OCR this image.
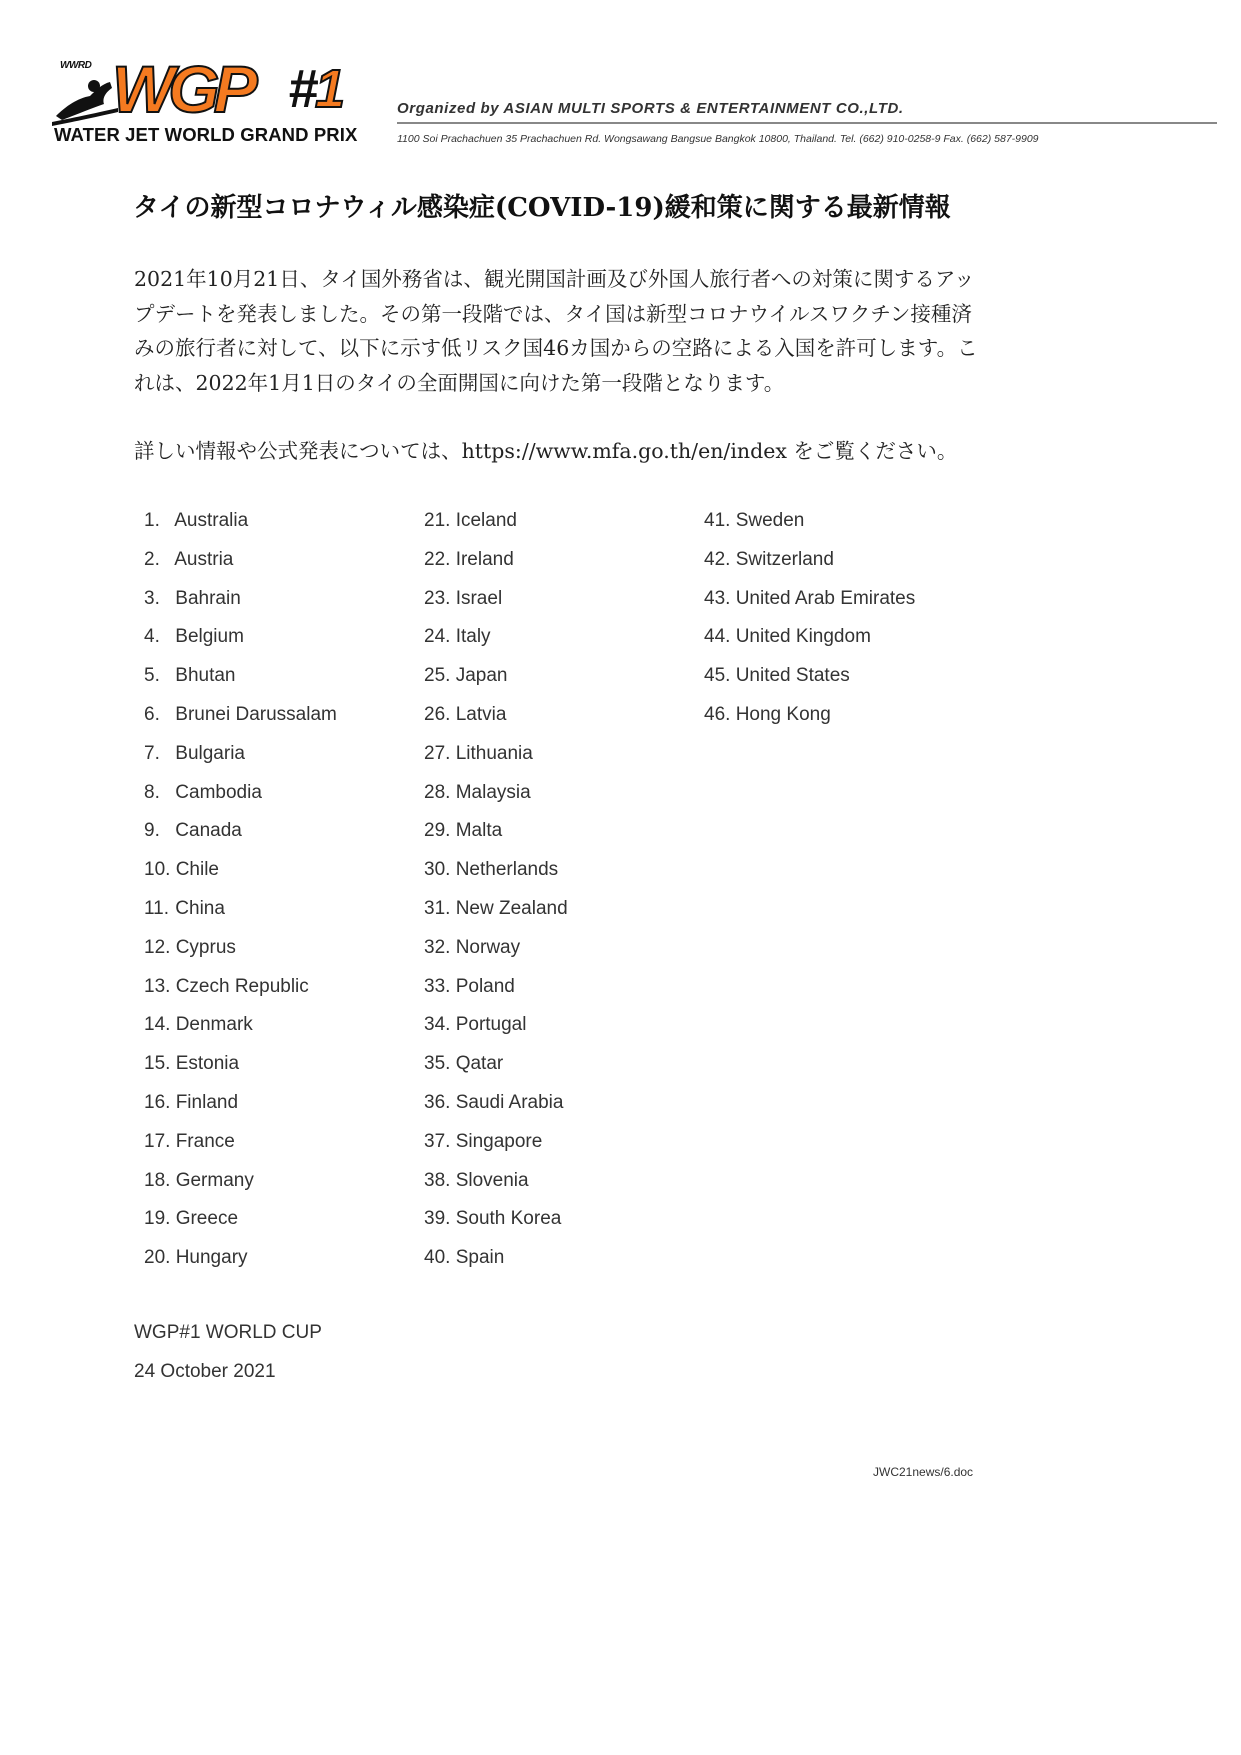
WWRD WGP #1
WATER JET WORLD GRAND PRIX
Organized by ASIAN MULTI SPORTS & ENTERTAINMENT CO.,LTD.
1100 Soi Prachachuen 35 Prachachuen Rd. Wongsawang Bangsue Bangkok 10800, Thailand. Tel. (662) 910-0258-9 Fax. (662) 587-9909
タイの新型コロナウィル感染症(COVID-19)緩和策に関する最新情報

2021年10月21日、タイ国外務省は、観光開国計画及び外国人旅行者への対策に関するアップデートを発表しました。その第一段階では、タイ国は新型コロナウイルスワクチン接種済みの旅行者に対して、以下に示す低リスク国46カ国からの空路による入国を許可します。これは、2022年1月1日のタイの全面開国に向けた第一段階となります。

詳しい情報や公式発表については、https://www.mfa.go.th/en/index をご覧ください。

1. Australia
2. Austria
3. Bahrain
4. Belgium
5. Bhutan
6. Brunei Darussalam
7. Bulgaria
8. Cambodia
9. Canada
10. Chile
11. China
12. Cyprus
13. Czech Republic
14. Denmark
15. Estonia
16. Finland
17. France
18. Germany
19. Greece
20. Hungary
21. Iceland
22. Ireland
23. Israel
24. Italy
25. Japan
26. Latvia
27. Lithuania
28. Malaysia
29. Malta
30. Netherlands
31. New Zealand
32. Norway
33. Poland
34. Portugal
35. Qatar
36. Saudi Arabia
37. Singapore
38. Slovenia
39. South Korea
40. Spain
41. Sweden
42. Switzerland
43. United Arab Emirates
44. United Kingdom
45. United States
46. Hong Kong
WGP#1 WORLD CUP
24 October 2021
JWC21news/6.doc
